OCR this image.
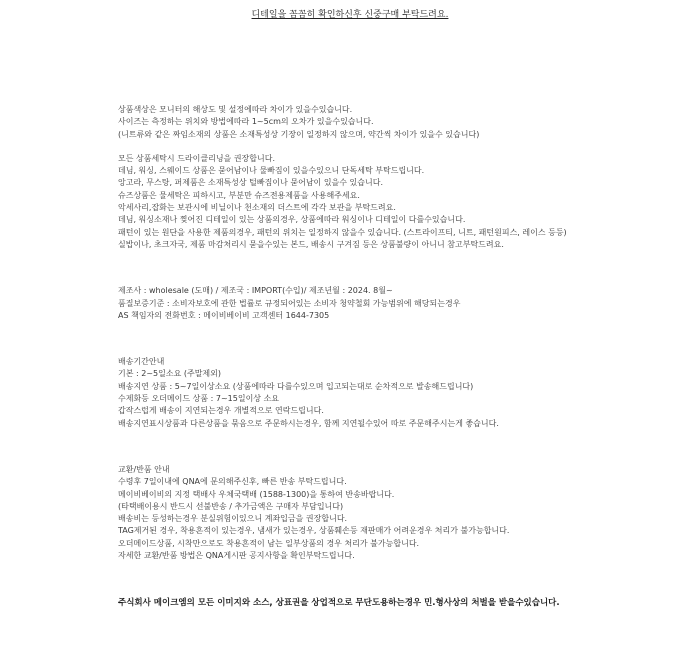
디테일을 꼼꼼히 확인하신후 신중구매 부탁드려요.
상품색상은 모니터의 해상도 및 설정에따라 차이가 있을수있습니다.
사이즈는 측정하는 위치와 방법에따라 1~5cm의 오차가 있을수있습니다.
(니트류와 같은 짜임소재의 상품은 소재특성상 기장이 일정하지 않으며, 약간씩 차이가 있을수 있습니다)
모든 상품세탁시 드라이클리닝을 권장합니다.
데님, 워싱, 스웨이드 상품은 묻어남이나 물빠짐이 있을수있으니 단독세탁 부탁드립니다.
앙고라, 무스탕, 퍼제품은 소재특성상 털빠짐이나 묻어남이 있을수 있습니다.
슈즈상품은 물세탁은 피하시고, 부분만 슈즈전용제품을 사용해주세요.
악세사리,잡화는 보관시에 비닐이나 천소재의 더스트에 각각 보관을 부탁드려요.
데님, 워싱소재나 찢어진 디테일이 있는 상품의경우, 상품에따라 워싱이나 디테일이 다를수있습니다.
패턴이 있는 원단을 사용한 제품의경우, 패턴의 위치는 일정하지 않을수 있습니다. (스트라이프티, 니트, 패턴원피스, 레이스 등등)
실밥이나, 초크자국, 제품 마감처리시 묻을수있는 본드, 배송시 구겨짐 등은 상품불량이 아니니 참고부탁드려요.
제조사 : wholesale (도매) / 제조국 : IMPORT(수입)/ 제조년월 : 2024. 8월~
품질보증기준 : 소비자보호에 관한 법률로 규정되어있는 소비자 청약철회 가능범위에 해당되는경우
AS 책임자의 전화번호 : 메이비베이비 고객센터 1644-7305
배송기간안내
기본 : 2~5일소요 (주말제외)
배송지연 상품 : 5~7일이상소요 (상품에따라 다를수있으며 입고되는대로 순차적으로 발송해드립니다)
수제화등 오더메이드 상품 : 7~15일이상 소요
갑작스럽게 배송이 지연되는경우 개별적으로 연락드립니다.
배송지연표시상품과 다른상품을 묶음으로 주문하시는경우, 함께 지연될수있어 따로 주문해주시는게 좋습니다.
교환/반품 안내
수령후 7일이내에 QNA에 문의해주신후, 빠른 반송 부탁드립니다.
메이비베이비의 지정 택배사 우체국택배 (1588-1300)을 통하여 반송바랍니다.
(타택배이용시 반드시 선불반송 / 추가금액은 구매자 부담입니다)
배송비는 등성하는경우 분실위험이있으니 계좌입금을 권장합니다.
TAG제거된 경우, 착용흔적이 있는경우, 냄새가 있는경우, 상품훼손등 재판매가 어려운경우 처리가 불가능합니다.
오더메이드상품, 시착만으로도 착용흔적이 남는 일부상품의 경우 처리가 불가능합니다.
자세한 교환/반품 방법은 QNA게시판 공지사항을 확인부탁드립니다.
주식회사 메이크엠의 모든 이미지와 소스, 상표권을 상업적으로 무단도용하는경우 민.형사상의 처벌을 받을수있습니다.
